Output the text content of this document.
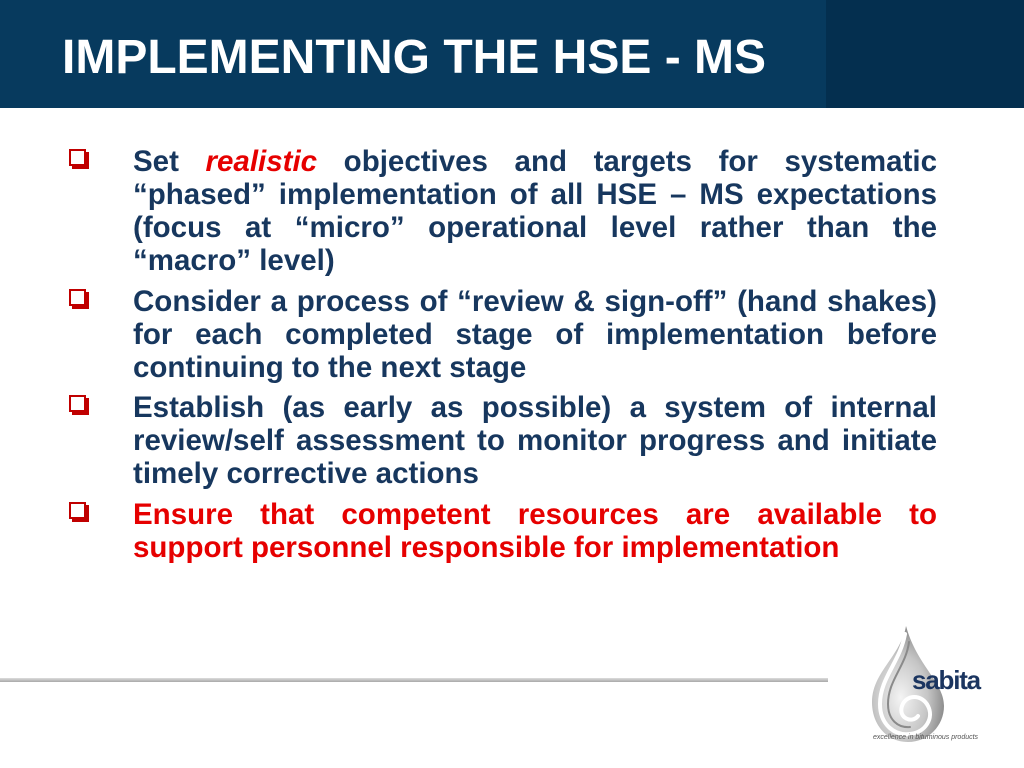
IMPLEMENTING THE HSE - MS
Set realistic objectives and targets for systematic
“phased” implementation of all HSE – MS expectations
(focus at “micro” operational level rather than the
“macro” level)
Consider a process of “review & sign-off” (hand shakes)
for each completed stage of implementation before
continuing to the next stage
Establish (as early as possible) a system of internal
review/self assessment to monitor progress and initiate
timely corrective actions
Ensure that competent resources are available to
support personnel responsible for implementation
sabita
excellence in bituminous products
